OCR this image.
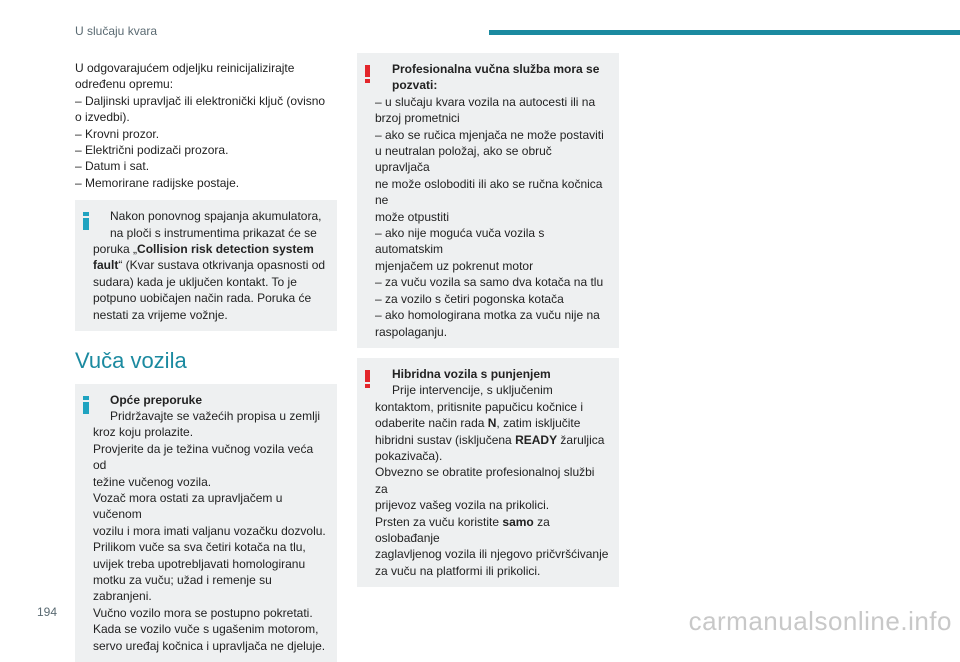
U slučaju kvara

U odgovarajućem odjeljku reinicijalizirajte

određenu opremu:

– Daljinski upravljač ili elektronički ključ (ovisno

o izvedbi).

– Krovni prozor.

– Električni podizači prozora.

– Datum i sat.

– Memorirane radijske postaje.

Nakon ponovnog spajanja akumulatora,

na ploči s instrumentima prikazat će se

poruka „Collision risk detection system

fault“ (Kvar sustava otkrivanja opasnosti od

sudara) kada je uključen kontakt. To je

potpuno uobičajen način rada. Poruka će

nestati za vrijeme vožnje.

Vuča vozila

Opće preporuke

Pridržavajte se važećih propisa u zemlji

kroz koju prolazite.

Provjerite da je težina vučnog vozila veća od

težine vučenog vozila.

Vozač mora ostati za upravljačem u vučenom

vozilu i mora imati valjanu vozačku dozvolu.

Prilikom vuče sa sva četiri kotača na tlu,

uvijek treba upotrebljavati homologiranu

motku za vuču; užad i remenje su zabranjeni.

Vučno vozilo mora se postupno pokretati.

Kada se vozilo vuče s ugašenim motorom,

servo uređaj kočnica i upravljača ne djeluje.

Profesionalna vučna služba mora se

pozvati:

– u slučaju kvara vozila na autocesti ili na

brzoj prometnici

– ako se ručica mjenjača ne može postaviti

u neutralan položaj, ako se obruč upravljača

ne može osloboditi ili ako se ručna kočnica ne

može otpustiti

– ako nije moguća vuča vozila s automatskim

mjenjačem uz pokrenut motor

– za vuču vozila sa samo dva kotača na tlu

– za vozilo s četiri pogonska kotača

– ako homologirana motka za vuču nije na

raspolaganju.

Hibridna vozila s punjenjem

Prije intervencije, s uključenim

kontaktom, pritisnite papučicu kočnice i

odaberite način rada N, zatim isključite

hibridni sustav (isključena READY žaruljica

pokazivača).

Obvezno se obratite profesionalnoj službi za

prijevoz vašeg vozila na prikolici.

Prsten za vuču koristite samo za oslobađanje

zaglavljenog vozila ili njegovo pričvršćivanje

za vuču na platformi ili prikolici.

194	carmanualsonline.info
